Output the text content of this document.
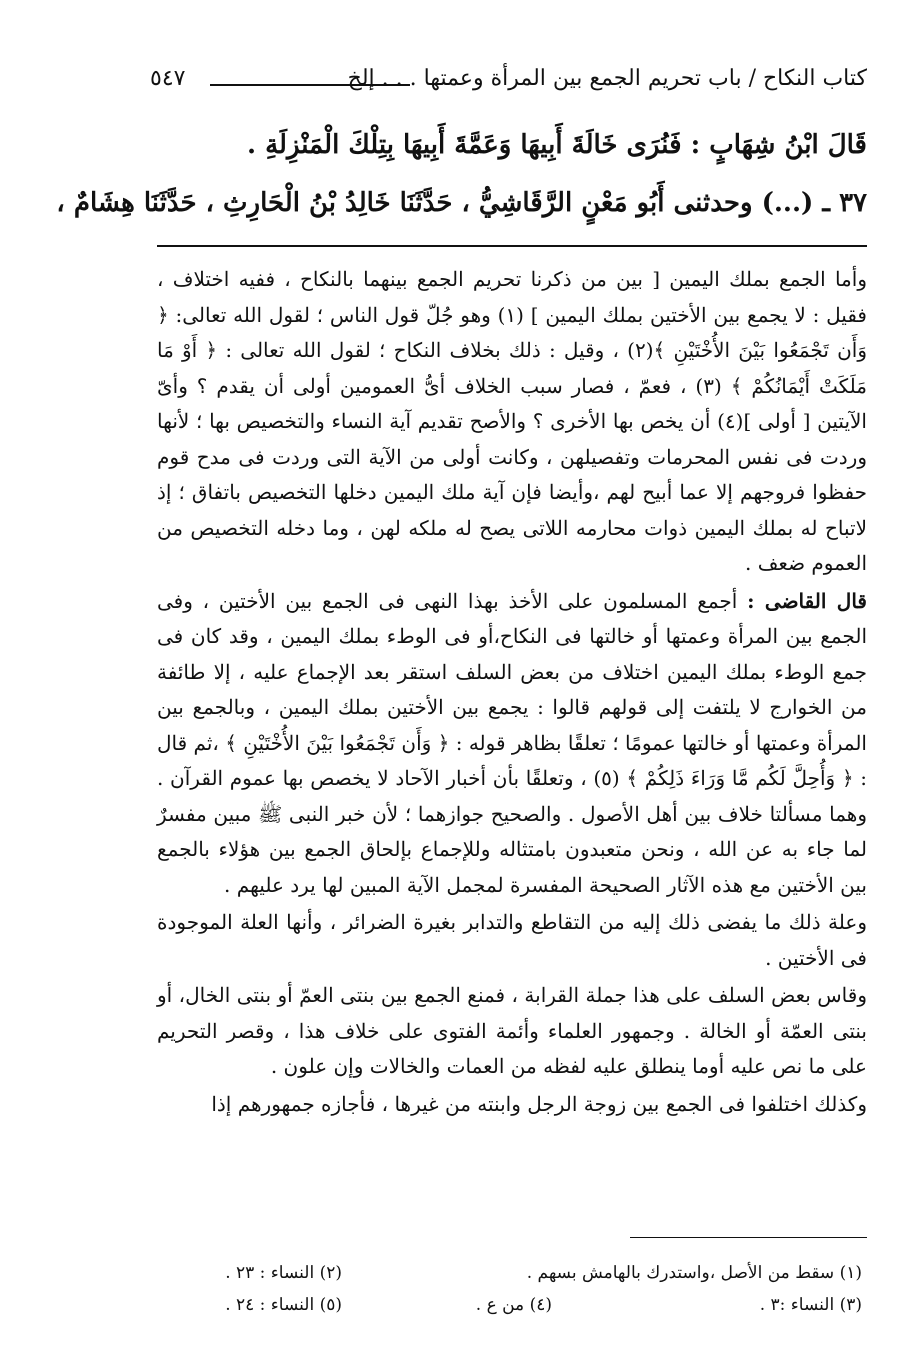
كتاب النكاح / باب تحريم الجمع بين المرأة وعمتها . . . إلخ
٥٤٧
قَالَ ابْنُ شِهَابٍ : فَنُرَى خَالَةَ أَبِيهَا وَعَمَّةَ أَبِيهَا بِتِلْكَ الْمَنْزِلَةِ .
٣٧ ـ (...) وحدثنى أَبُو مَعْنٍ الرَّقَاشِيُّ ، حَدَّثَنَا خَالِدُ بْنُ الْحَارِثِ ، حَدَّثَنَا هِشَامٌ ،

وأما الجمع بملك اليمين [ بين من ذكرنا تحريم الجمع بينهما بالنكاح ، ففيه اختلاف ، فقيل : لا يجمع بين الأختين بملك اليمين ] (١) وهو جُلّ قول الناس ؛ لقول الله تعالى: ﴿ وَأَن تَجْمَعُوا بَيْنَ الأُخْتَيْنِ ﴾(٢) ، وقيل : ذلك بخلاف النكاح ؛ لقول الله تعالى : ﴿ أَوْ مَا مَلَكَتْ أَيْمَانُكُمْ ﴾ (٣) ، فعمّ ، فصار سبب الخلاف أىُّ العمومين أولى أن يقدم ؟ وأىّ الآيتين [ أولى ](٤) أن يخص بها الأخرى ؟ والأصح تقديم آية النساء والتخصيص بها ؛ لأنها وردت فى نفس المحرمات وتفصيلهن ، وكانت أولى من الآية التى وردت فى مدح قوم حفظوا فروجهم إلا عما أبيح لهم ،وأيضا فإن آية ملك اليمين دخلها التخصيص باتفاق ؛ إذ لاتباح له بملك اليمين ذوات محارمه اللاتى يصح له ملكه لهن ، وما دخله التخصيص من العموم ضعف .

قال القاضى : أجمع المسلمون على الأخذ بهذا النهى فى الجمع بين الأختين ، وفى الجمع بين المرأة وعمتها أو خالتها فى النكاح،أو فى الوطء بملك اليمين ، وقد كان فى جمع الوطء بملك اليمين اختلاف من بعض السلف استقر بعد الإجماع عليه ، إلا طائفة من الخوارج لا يلتفت إلى قولهم قالوا : يجمع بين الأختين بملك اليمين ، وبالجمع بين المرأة وعمتها أو خالتها عمومًا ؛ تعلقًا بظاهر قوله : ﴿ وَأَن تَجْمَعُوا بَيْنَ الأُخْتَيْنِ ﴾ ،ثم قال : ﴿ وَأُحِلَّ لَكُم مَّا وَرَاءَ ذَلِكُمْ ﴾ (٥) ، وتعلقًا بأن أخبار الآحاد لا يخصص بها عموم القرآن . وهما مسألتا خلاف بين أهل الأصول . والصحيح جوازهما ؛ لأن خبر النبى ﷺ مبين مفسرٌ لما جاء به عن الله ، ونحن متعبدون بامتثاله وللإجماع بإلحاق الجمع بين هؤلاء بالجمع بين الأختين مع هذه الآثار الصحيحة المفسرة لمجمل الآية المبين لها يرد عليهم .

وعلة ذلك ما يفضى ذلك إليه من التقاطع والتدابر بغيرة الضرائر ، وأنها العلة الموجودة فى الأختين .

وقاس بعض السلف على هذا جملة القرابة ، فمنع الجمع بين بنتى العمّ أو بنتى الخال، أو بنتى العمّة أو الخالة . وجمهور العلماء وأئمة الفتوى على خلاف هذا ، وقصر التحريم على ما نص عليه أوما ينطلق عليه لفظه من العمات والخالات وإن علون .

وكذلك اختلفوا فى الجمع بين زوجة الرجل وابنته من غيرها ، فأجازه جمهورهم إذا

(١) سقط من الأصل ،واستدرك بالهامش بسهم .
(٢) النساء : ٢٣ .
(٣) النساء :٣ .
(٤) من ع .
(٥) النساء : ٢٤ .
